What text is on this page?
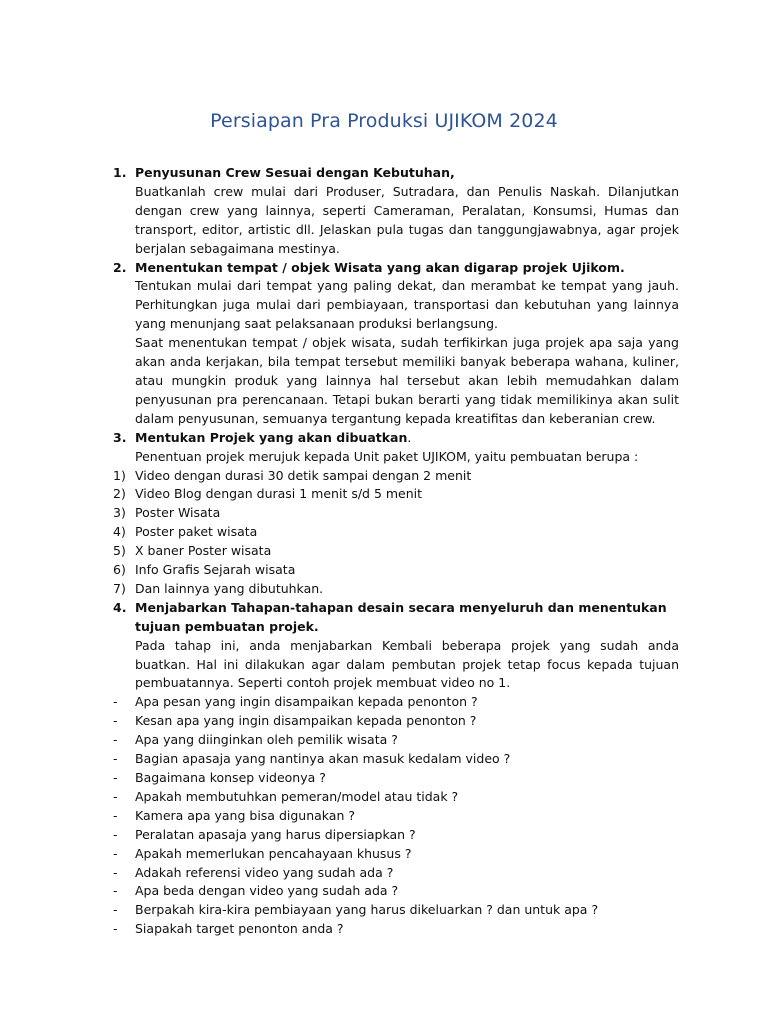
Persiapan Pra Produksi UJIKOM 2024
1. Penyusunan Crew Sesuai dengan Kebutuhan,
Buatkanlah crew mulai dari Produser, Sutradara, dan Penulis Naskah. Dilanjutkan dengan crew yang lainnya, seperti Cameraman, Peralatan, Konsumsi, Humas dan transport, editor, artistic dll. Jelaskan pula tugas dan tanggungjawabnya, agar projek berjalan sebagaimana mestinya.
2. Menentukan tempat / objek Wisata yang akan digarap projek Ujikom.
Tentukan mulai dari tempat yang paling dekat, dan merambat ke tempat yang jauh. Perhitungkan juga mulai dari pembiayaan, transportasi dan kebutuhan yang lainnya yang menunjang saat pelaksanaan produksi berlangsung.
Saat menentukan tempat / objek wisata, sudah terfikirkan juga projek apa saja yang akan anda kerjakan, bila tempat tersebut memiliki banyak beberapa wahana, kuliner, atau mungkin produk yang lainnya hal tersebut akan lebih memudahkan dalam penyusunan pra perencanaan. Tetapi bukan berarti yang tidak memilikinya akan sulit dalam penyusunan, semuanya tergantung kepada kreatifitas dan keberanian crew.
3. Mentukan Projek yang akan dibuatkan.
Penentuan projek merujuk kepada Unit paket UJIKOM, yaitu pembuatan berupa :
1) Video dengan durasi 30 detik sampai dengan 2 menit
2) Video Blog dengan durasi 1 menit s/d 5 menit
3) Poster Wisata
4) Poster paket wisata
5) X baner Poster wisata
6) Info Grafis Sejarah wisata
7) Dan lainnya yang dibutuhkan.
4. Menjabarkan Tahapan-tahapan desain secara menyeluruh dan menentukan tujuan pembuatan projek.
Pada tahap ini, anda menjabarkan Kembali beberapa projek yang sudah anda buatkan. Hal ini dilakukan agar dalam pembutan projek tetap focus kepada tujuan pembuatannya. Seperti contoh projek membuat video no 1.
- Apa pesan yang ingin disampaikan kepada penonton ?
- Kesan apa yang ingin disampaikan kepada penonton ?
- Apa yang diinginkan oleh pemilik wisata ?
- Bagian apasaja yang nantinya akan masuk kedalam video ?
- Bagaimana konsep videonya ?
- Apakah membutuhkan pemeran/model atau tidak ?
- Kamera apa yang bisa digunakan ?
- Peralatan apasaja yang harus dipersiapkan ?
- Apakah memerlukan pencahayaan khusus ?
- Adakah referensi video yang sudah ada ?
- Apa beda dengan video yang sudah ada ?
- Berpakah kira-kira pembiayaan yang harus dikeluarkan ? dan untuk apa ?
- Siapakah target penonton anda ?
